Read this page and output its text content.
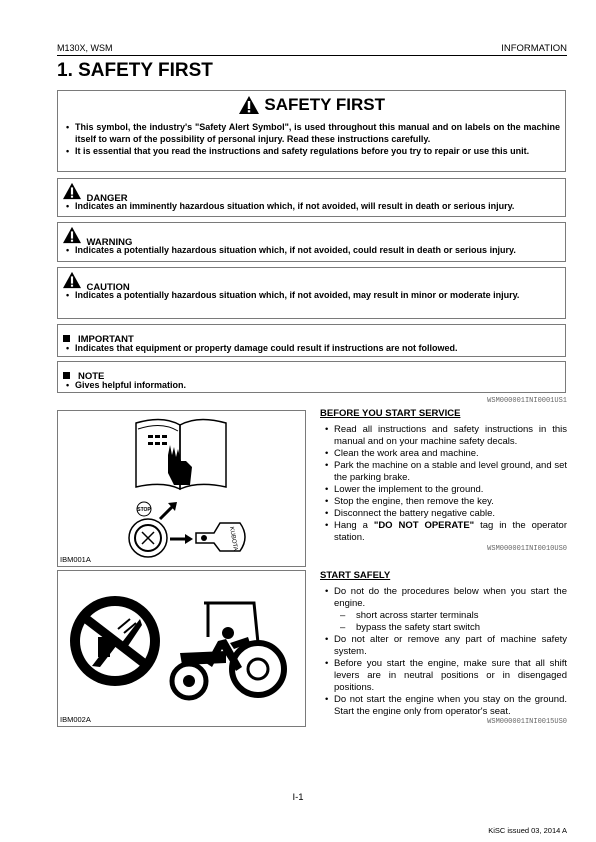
M130X, WSM	INFORMATION
1. SAFETY FIRST
SAFETY FIRST
• This symbol, the industry's "Safety Alert Symbol", is used throughout this manual and on labels on the machine itself to warn of the possibility of personal injury. Read these instructions carefully.
• It is essential that you read the instructions and safety regulations before you try to repair or use this unit.
$_{DANGER}$
• Indicates an imminently hazardous situation which, if not avoided, will result in death or serious injury.
$_{WARNING}$
• Indicates a potentially hazardous situation which, if not avoided, could result in death or serious injury.
$_{CAUTION}$
• Indicates a potentially hazardous situation which, if not avoided, may result in minor or moderate injury.
IMPORTANT
• Indicates that equipment or property damage could result if instructions are not followed.
NOTE
• Gives helpful information.
WSM000001INI0001US1
STOP
KUBOTA
IBM001A
IBM002A
BEFORE YOU START SERVICE
• Read all instructions and safety instructions in this manual and on your machine safety decals.
• Clean the work area and machine.
• Park the machine on a stable and level ground, and set the parking brake.
• Lower the implement to the ground.
• Stop the engine, then remove the key.
• Disconnect the battery negative cable.
• Hang a "DO NOT OPERATE" tag in the operator station.
WSM000001INI0010US0
START SAFELY
• Do not do the procedures below when you start the engine.
– short across starter terminals
– bypass the safety start switch
• Do not alter or remove any part of machine safety system.
• Before you start the engine, make sure that all shift levers are in neutral positions or in disengaged positions.
• Do not start the engine when you stay on the ground. Start the engine only from operator's seat.
WSM000001INI0015US0
I-1
KiSC issued 03, 2014 A
